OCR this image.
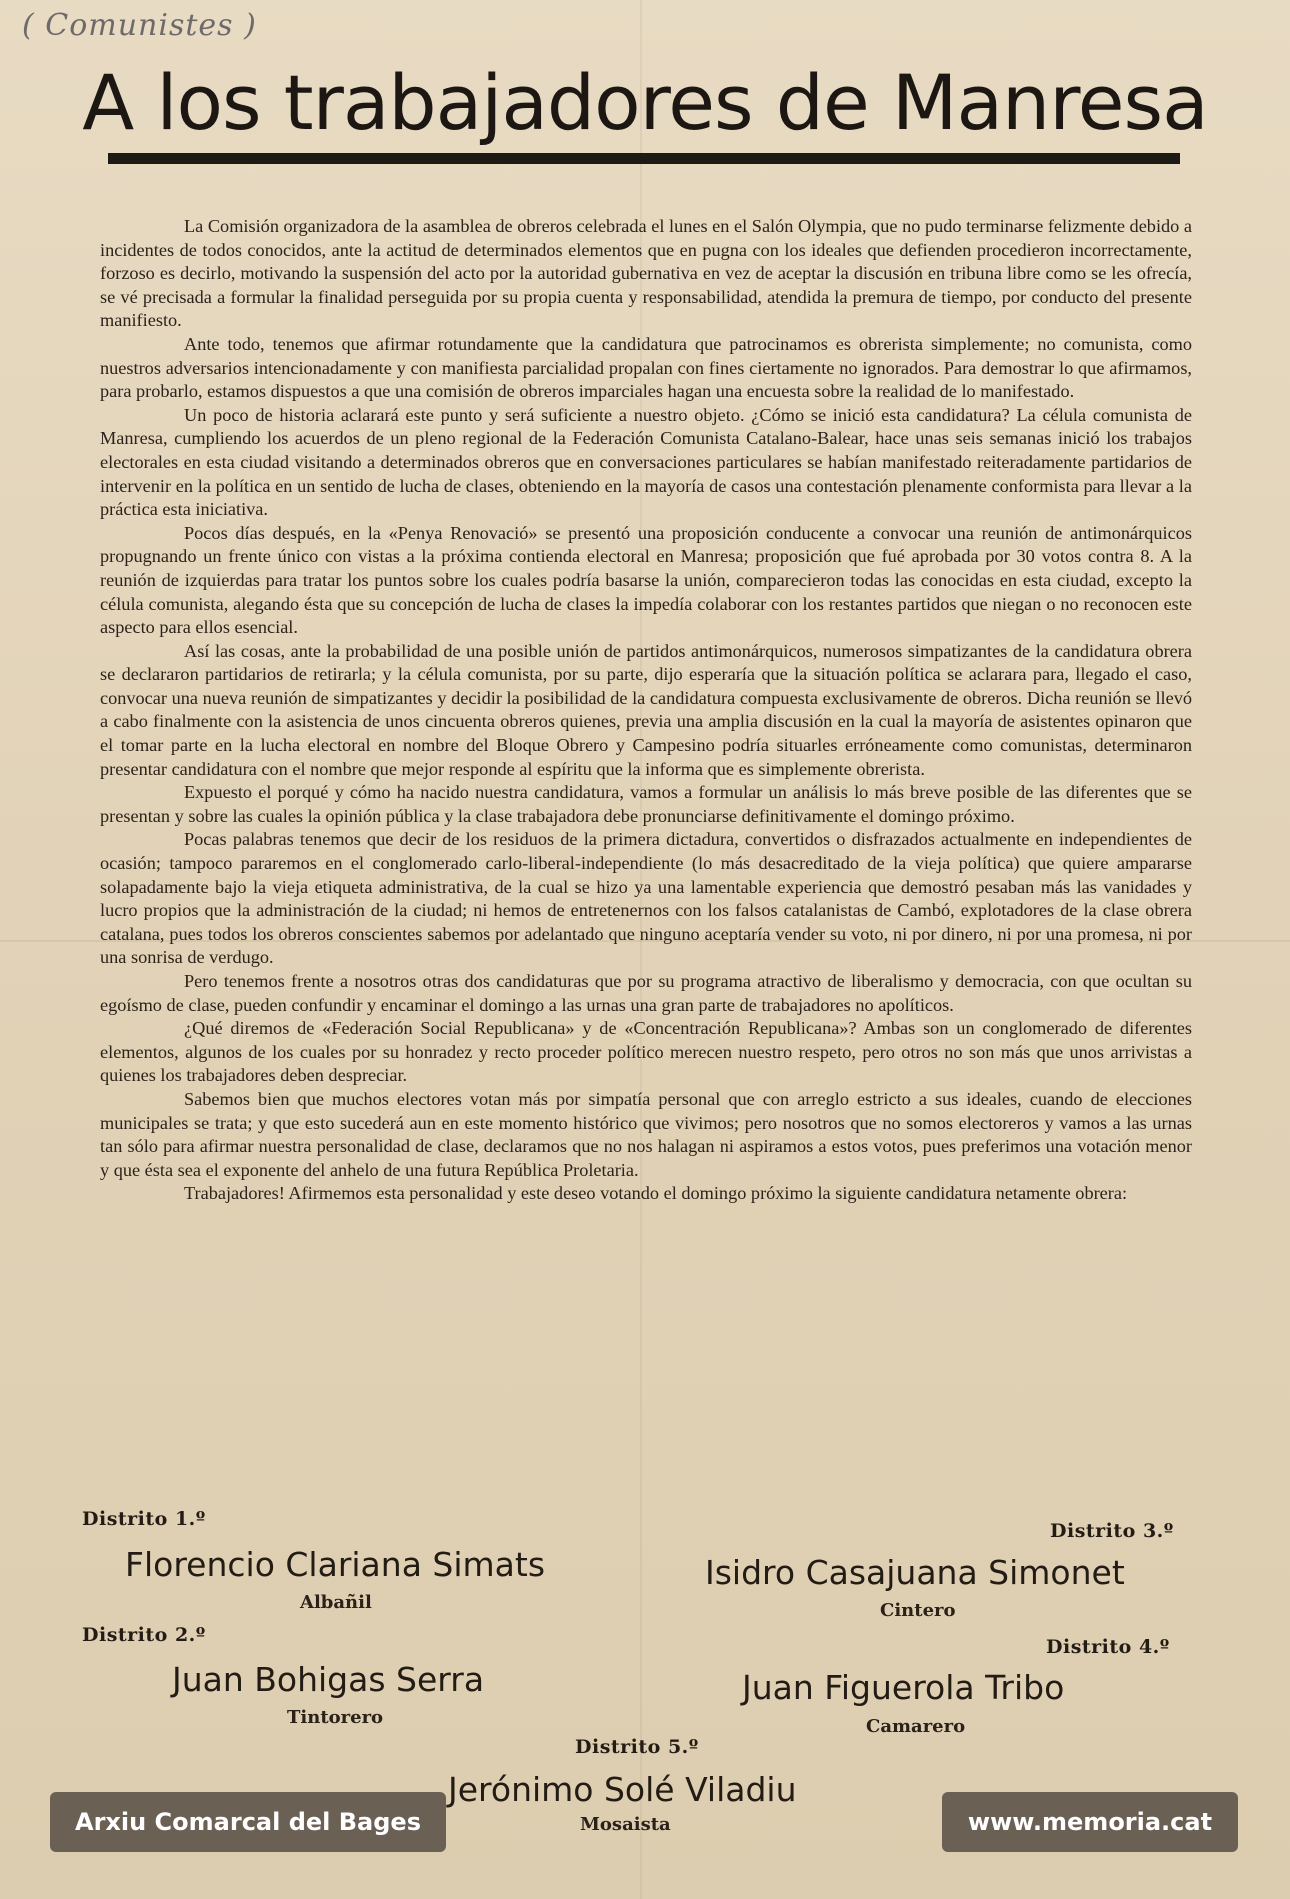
( Comunistes )
A los trabajadores de Manresa

La Comisión organizadora de la asamblea de obreros celebrada el lunes en el Salón Olympia, que no pudo terminarse felizmente debido a incidentes de todos conocidos, ante la actitud de determinados elementos que en pugna con los ideales que defienden procedieron incorrectamente, forzoso es decirlo, motivando la suspensión del acto por la autoridad gubernativa en vez de aceptar la discusión en tribuna libre como se les ofrecía, se vé precisada a formular la finalidad perseguida por su propia cuenta y responsabilidad, atendida la premura de tiempo, por conducto del presente manifiesto.

Ante todo, tenemos que afirmar rotundamente que la candidatura que patrocinamos es obrerista simplemente; no comunista, como nuestros adversarios intencionadamente y con manifiesta parcialidad propalan con fines ciertamente no ignorados. Para demostrar lo que afirmamos, para probarlo, estamos dispuestos a que una comisión de obreros imparciales hagan una encuesta sobre la realidad de lo manifestado.

Un poco de historia aclarará este punto y será suficiente a nuestro objeto. ¿Cómo se inició esta candidatura? La célula comunista de Manresa, cumpliendo los acuerdos de un pleno regional de la Federación Comunista Catalano-Balear, hace unas seis semanas inició los trabajos electorales en esta ciudad visitando a determinados obreros que en conversaciones particulares se habían manifestado reiteradamente partidarios de intervenir en la política en un sentido de lucha de clases, obteniendo en la mayoría de casos una contestación plenamente conformista para llevar a la práctica esta iniciativa.

Pocos días después, en la «Penya Renovació» se presentó una proposición conducente a convocar una reunión de antimonárquicos propugnando un frente único con vistas a la próxima contienda electoral en Manresa; proposición que fué aprobada por 30 votos contra 8. A la reunión de izquierdas para tratar los puntos sobre los cuales podría basarse la unión, comparecieron todas las conocidas en esta ciudad, excepto la célula comunista, alegando ésta que su concepción de lucha de clases la impedía colaborar con los restantes partidos que niegan o no reconocen este aspecto para ellos esencial.

Así las cosas, ante la probabilidad de una posible unión de partidos antimonárquicos, numerosos simpatizantes de la candidatura obrera se declararon partidarios de retirarla; y la célula comunista, por su parte, dijo esperaría que la situación política se aclarara para, llegado el caso, convocar una nueva reunión de simpatizantes y decidir la posibilidad de la candidatura compuesta exclusivamente de obreros. Dicha reunión se llevó a cabo finalmente con la asistencia de unos cincuenta obreros quienes, previa una amplia discusión en la cual la mayoría de asistentes opinaron que el tomar parte en la lucha electoral en nombre del Bloque Obrero y Campesino podría situarles erróneamente como comunistas, determinaron presentar candidatura con el nombre que mejor responde al espíritu que la informa que es simplemente obrerista.

Expuesto el porqué y cómo ha nacido nuestra candidatura, vamos a formular un análisis lo más breve posible de las diferentes que se presentan y sobre las cuales la opinión pública y la clase trabajadora debe pronunciarse definitivamente el domingo próximo.

Pocas palabras tenemos que decir de los residuos de la primera dictadura, convertidos o disfrazados actualmente en independientes de ocasión; tampoco pararemos en el conglomerado carlo-liberal-independiente (lo más desacreditado de la vieja política) que quiere ampararse solapadamente bajo la vieja etiqueta administrativa, de la cual se hizo ya una lamentable experiencia que demostró pesaban más las vanidades y lucro propios que la administración de la ciudad; ni hemos de entretenernos con los falsos catalanistas de Cambó, explotadores de la clase obrera catalana, pues todos los obreros conscientes sabemos por adelantado que ninguno aceptaría vender su voto, ni por dinero, ni por una promesa, ni por una sonrisa de verdugo.

Pero tenemos frente a nosotros otras dos candidaturas que por su programa atractivo de liberalismo y democracia, con que ocultan su egoísmo de clase, pueden confundir y encaminar el domingo a las urnas una gran parte de trabajadores no apolíticos.

¿Qué diremos de «Federación Social Republicana» y de «Concentración Republicana»? Ambas son un conglomerado de diferentes elementos, algunos de los cuales por su honradez y recto proceder político merecen nuestro respeto, pero otros no son más que unos arrivistas a quienes los trabajadores deben despreciar.

Sabemos bien que muchos electores votan más por simpatía personal que con arreglo estricto a sus ideales, cuando de elecciones municipales se trata; y que esto sucederá aun en este momento histórico que vivimos; pero nosotros que no somos electoreros y vamos a las urnas tan sólo para afirmar nuestra personalidad de clase, declaramos que no nos halagan ni aspiramos a estos votos, pues preferimos una votación menor y que ésta sea el exponente del anhelo de una futura República Proletaria.

Trabajadores! Afirmemos esta personalidad y este deseo votando el domingo próximo la siguiente candidatura netamente obrera:

Distrito 1.º
Florencio Clariana Simats
Albañil
Distrito 3.º
Isidro Casajuana Simonet
Cintero
Distrito 2.º
Juan Bohigas Serra
Tintorero
Distrito 4.º
Juan Figuerola Tribo
Camarero
Distrito 5.º
Jerónimo Solé Viladiu
Mosaista
Arxiu Comarcal del Bages	www.memoria.cat
